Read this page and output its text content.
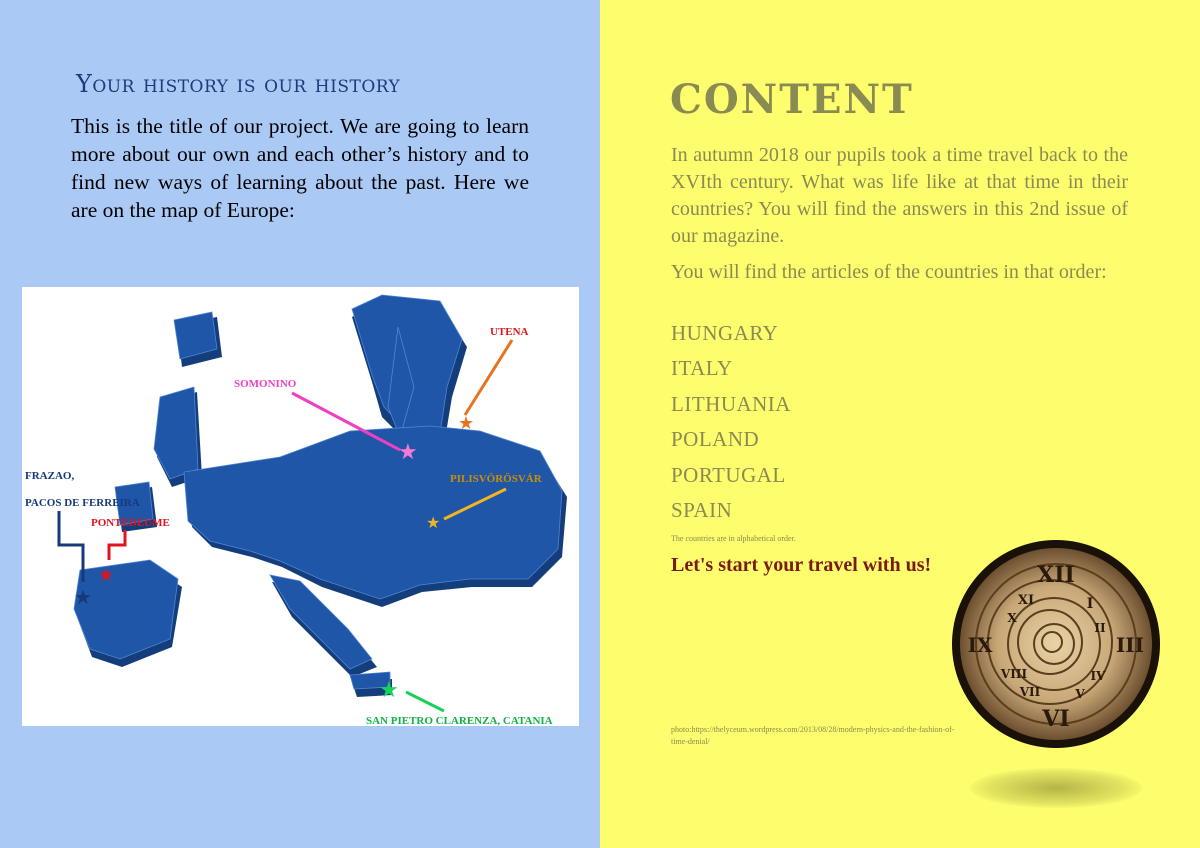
Your history is our history
This is the title of our project. We are going to learn more about our own and each other’s history and to find new ways of learning about the past. Here we are on the map of Europe:
UTENA
★
SOMONINO
★
PILISVÖRÖSVÁR
★
FRAZAO,
PACOS DE FERREIRA
★
PONTEDEUME
★
SAN PIETRO CLARENZA, CATANIA
★
CONTENT

In autumn 2018 our pupils took a time travel back to the XVIth century. What was life like at that time in their countries? You will find the answers in this 2nd issue of our magazine.

You will find the articles of the countries in that order:

HUNGARY
ITALY
LITHUANIA
POLAND
PORTUGAL
SPAIN
The countries are in alphabetical order.
Let's start your travel with us!
photo:https://thelyceum.wordpress.com/2013/08/28/modern-physics-and-the-fashion-of-time-denial/
XII
III
VI
IX
I
II
IV
V
VII
VIII
X
XI
